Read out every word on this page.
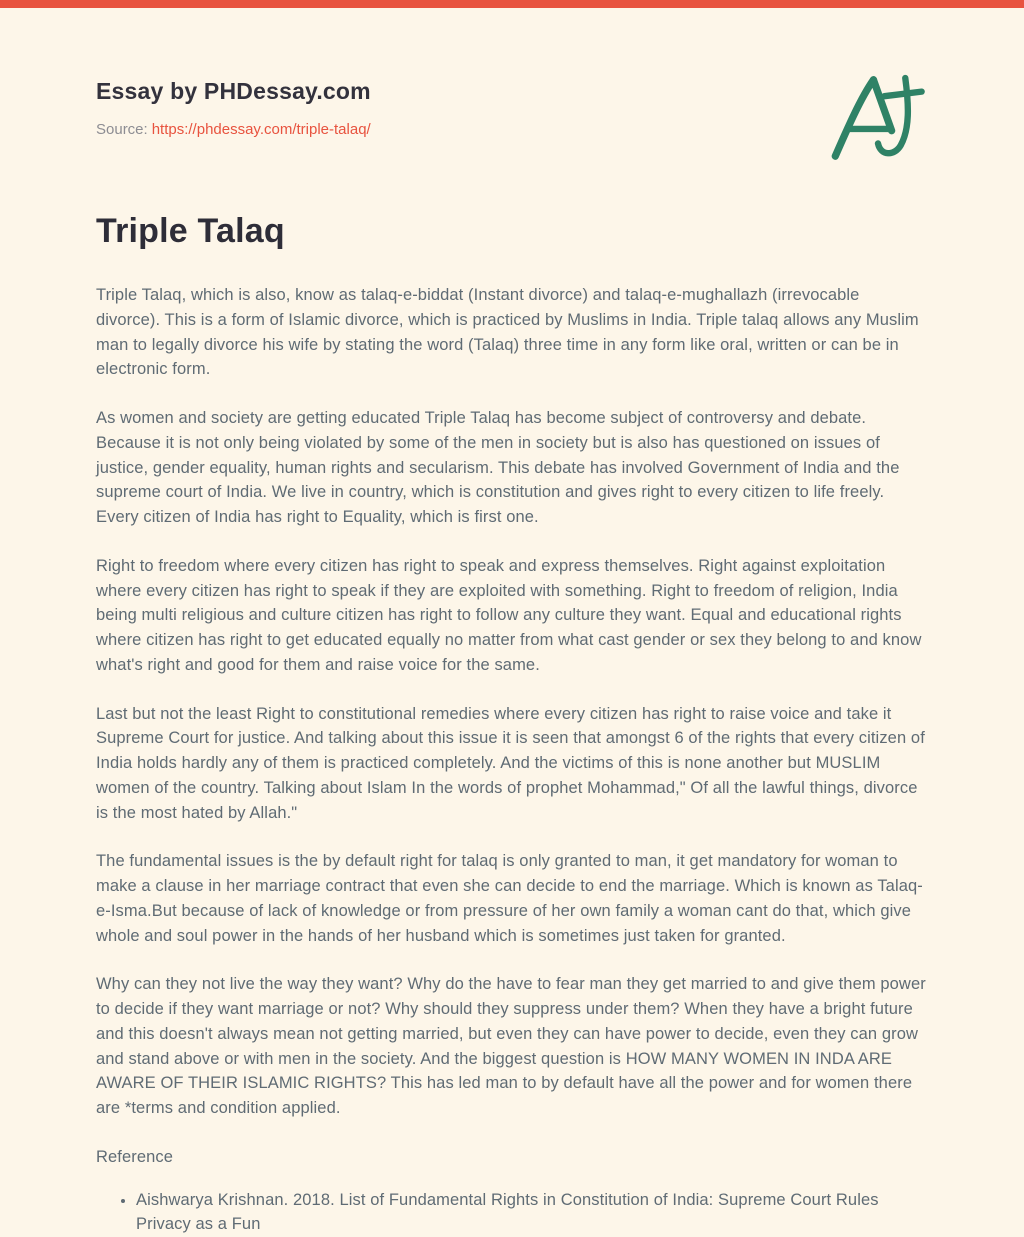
Essay by PHDessay.com
Source: https://phdessay.com/triple-talaq/
Triple Talaq

Triple Talaq, which is also, know as talaq-e-biddat (Instant divorce) and talaq-e-mughallazh (irrevocable divorce). This is a form of Islamic divorce, which is practiced by Muslims in India. Triple talaq allows any Muslim man to legally divorce his wife by stating the word (Talaq) three time in any form like oral, written or can be in electronic form.

As women and society are getting educated Triple Talaq has become subject of controversy and debate. Because it is not only being violated by some of the men in society but is also has questioned on issues of justice, gender equality, human rights and secularism. This debate has involved Government of India and the supreme court of India. We live in country, which is constitution and gives right to every citizen to life freely. Every citizen of India has right to Equality, which is first one.

Right to freedom where every citizen has right to speak and express themselves. Right against exploitation where every citizen has right to speak if they are exploited with something. Right to freedom of religion, India being multi religious and culture citizen has right to follow any culture they want. Equal and educational rights where citizen has right to get educated equally no matter from what cast gender or sex they belong to and know what's right and good for them and raise voice for the same.

Last but not the least Right to constitutional remedies where every citizen has right to raise voice and take it Supreme Court for justice. And talking about this issue it is seen that amongst 6 of the rights that every citizen of India holds hardly any of them is practiced completely. And the victims of this is none another but MUSLIM women of the country. Talking about Islam In the words of prophet Mohammad," Of all the lawful things, divorce is the most hated by Allah."

The fundamental issues is the by default right for talaq is only granted to man, it get mandatory for woman to make a clause in her marriage contract that even she can decide to end the marriage. Which is known as Talaq-e-Isma.But because of lack of knowledge or from pressure of her own family a woman cant do that, which give whole and soul power in the hands of her husband which is sometimes just taken for granted.

Why can they not live the way they want? Why do the have to fear man they get married to and give them power to decide if they want marriage or not? Why should they suppress under them? When they have a bright future and this doesn't always mean not getting married, but even they can have power to decide, even they can grow and stand above or with men in the society. And the biggest question is HOW MANY WOMEN IN INDA ARE AWARE OF THEIR ISLAMIC RIGHTS? This has led man to by default have all the power and for women there are *terms and condition applied.

Reference

• Aishwarya Krishnan. 2018. List of Fundamental Rights in Constitution of India: Supreme Court Rules Privacy as a Fun
